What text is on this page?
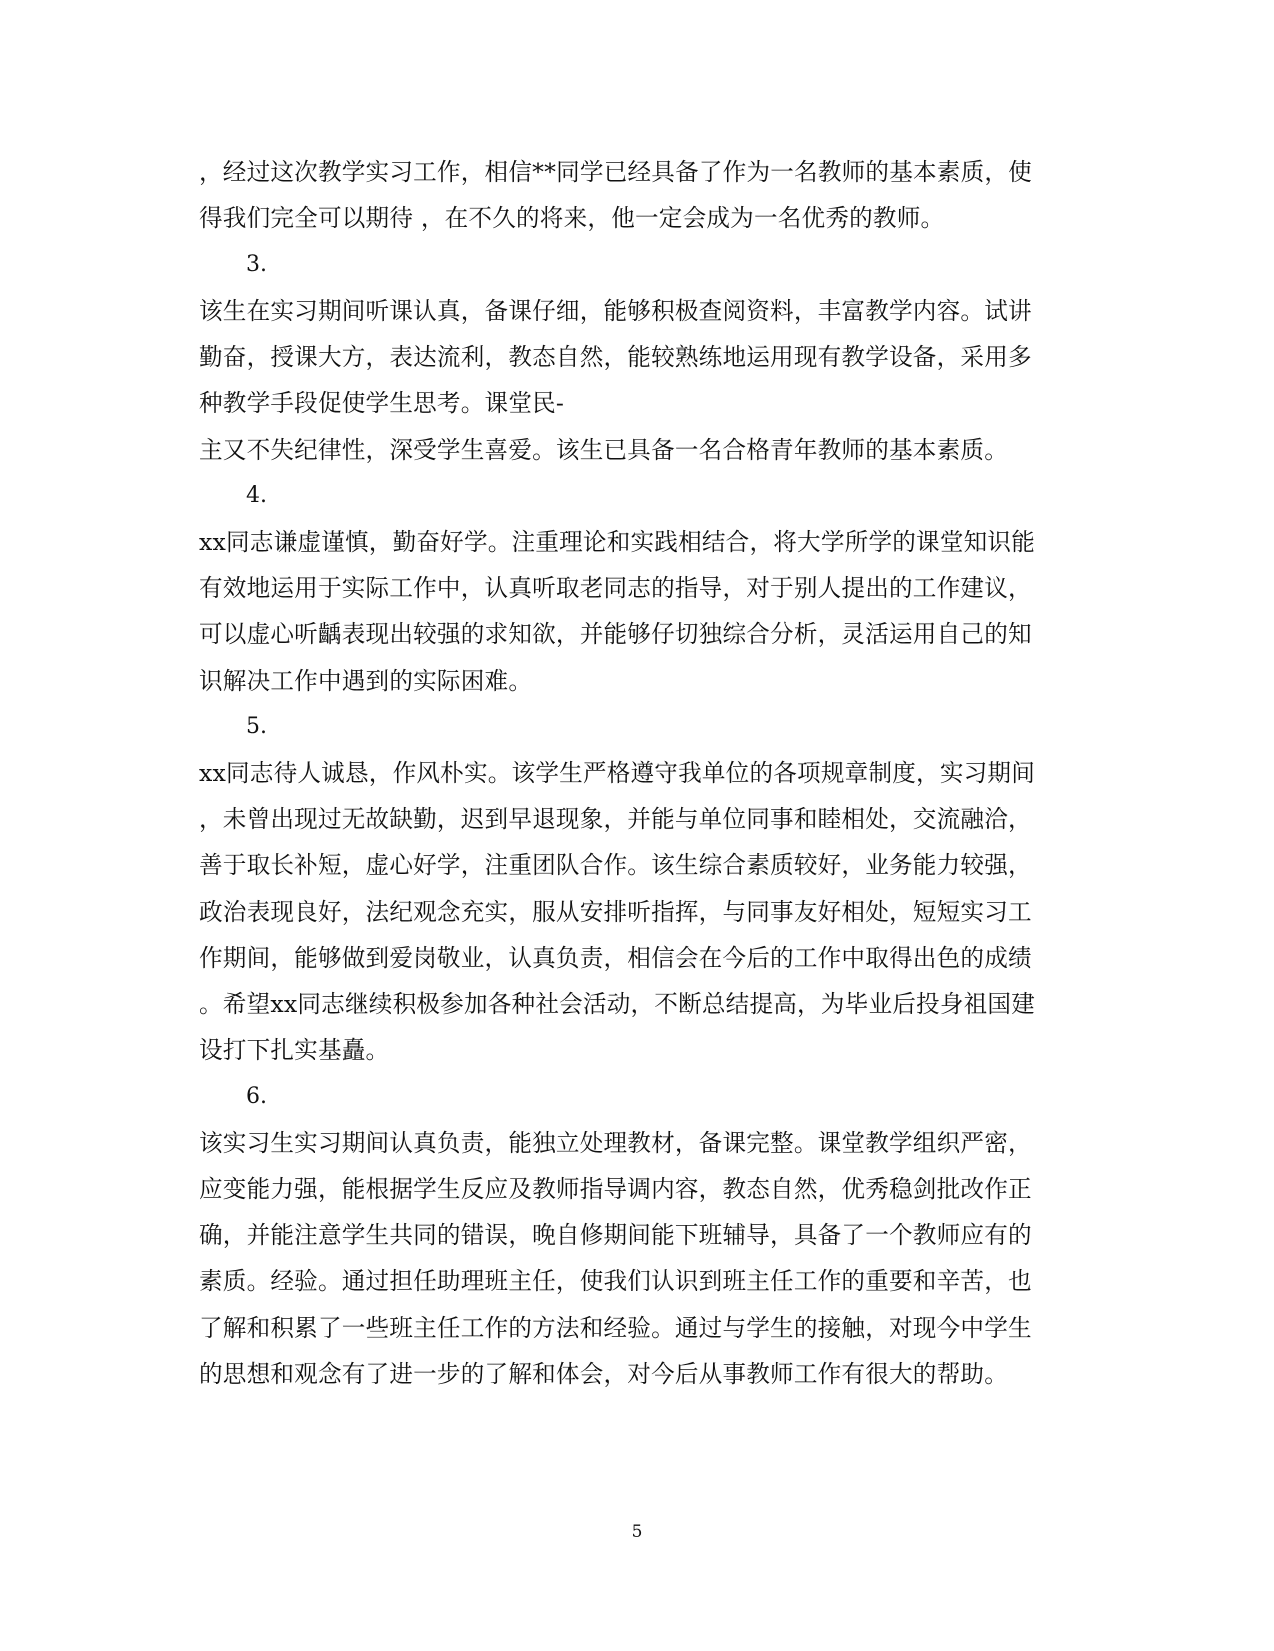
，经过这次教学实习工作，相信**同学已经具备了作为一名教师的基本素质，使
得我们完全可以期待 ，在不久的将来，他一定会成为一名优秀的教师。
3.
该生在实习期间听课认真，备课仔细，能够积极查阅资料，丰富教学内容。试讲
勤奋，授课大方，表达流利，教态自然，能较熟练地运用现有教学设备，采用多
种教学手段促使学生思考。课堂民-
主又不失纪律性，深受学生喜爱。该生已具备一名合格青年教师的基本素质。
4.
xx同志谦虚谨慎，勤奋好学。注重理论和实践相结合，将大学所学的课堂知识能
有效地运用于实际工作中，认真听取老同志的指导，对于别人提出的工作建议，
可以虚心听齲表现出较强的求知欲，并能够仔切独综合分析，灵活运用自己的知
识解决工作中遇到的实际困难。
5.
xx同志待人诚恳，作风朴实。该学生严格遵守我单位的各项规章制度，实习期间
，未曾出现过无故缺勤，迟到早退现象，并能与单位同事和睦相处，交流融洽，
善于取长补短，虚心好学，注重团队合作。该生综合素质较好，业务能力较强，
政治表现良好，法纪观念充实，服从安排听指挥，与同事友好相处，短短实习工
作期间，能够做到爱岗敬业，认真负责，相信会在今后的工作中取得出色的成绩
。希望xx同志继续积极参加各种社会活动，不断总结提高，为毕业后投身祖国建
设打下扎实基矗。
6.
该实习生实习期间认真负责，能独立处理教材，备课完整。课堂教学组织严密，
应变能力强，能根据学生反应及教师指导调内容，教态自然，优秀稳剑批改作正
确，并能注意学生共同的错误，晚自修期间能下班辅导，具备了一个教师应有的
素质。经验。通过担任助理班主任，使我们认识到班主任工作的重要和辛苦，也
了解和积累了一些班主任工作的方法和经验。通过与学生的接触，对现今中学生
的思想和观念有了进一步的了解和体会，对今后从事教师工作有很大的帮助。
5
